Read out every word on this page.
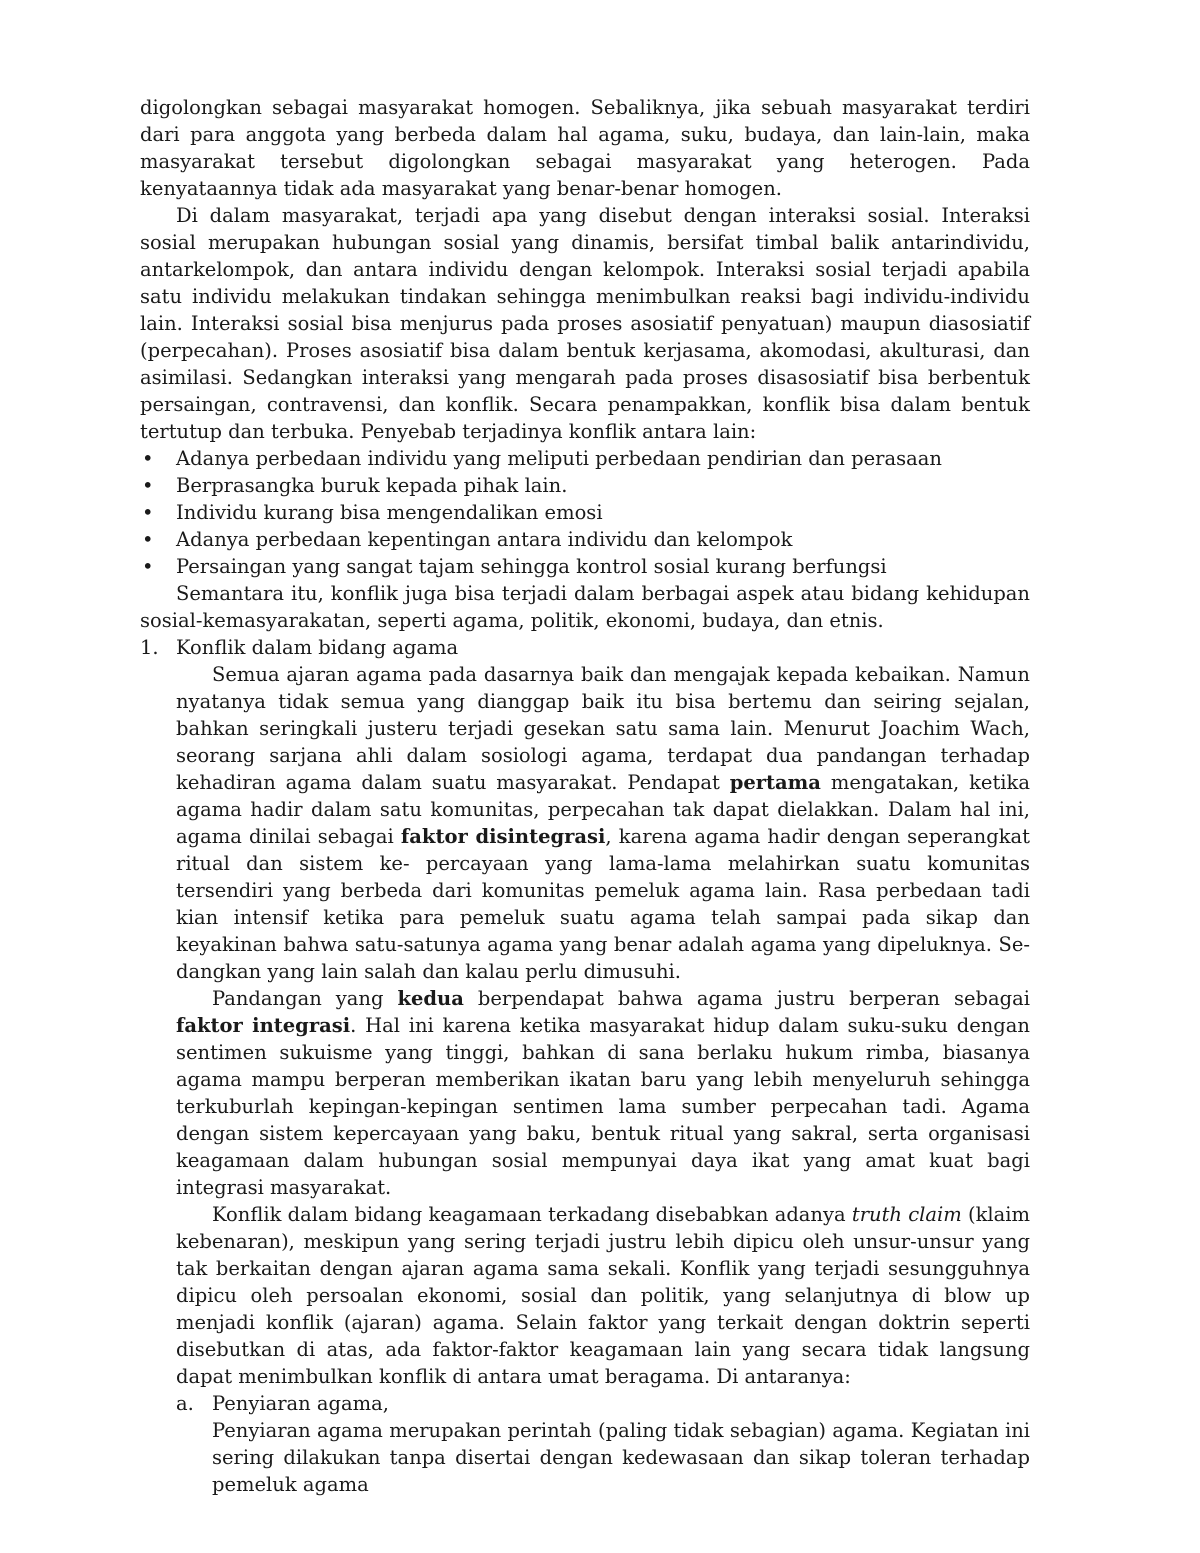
digolongkan sebagai masyarakat homogen. Sebaliknya, jika sebuah masyarakat terdiri dari para anggota yang berbeda dalam hal agama, suku, budaya, dan lain-lain, maka masyarakat tersebut digolongkan sebagai masyarakat yang heterogen. Pada kenyataannya tidak ada masyarakat yang benar-benar homogen.

Di dalam masyarakat, terjadi apa yang disebut dengan interaksi sosial. Interaksi sosial merupakan hubungan sosial yang dinamis, bersifat timbal balik antarindividu, antarkelompok, dan antara individu dengan kelompok. Interaksi sosial terjadi apabila satu individu melakukan tindakan sehingga menimbulkan reaksi bagi individu-individu lain. Interaksi sosial bisa menjurus pada proses asosiatif penyatuan) maupun diasosiatif (perpecahan). Proses asosiatif bisa dalam bentuk kerjasama, akomodasi, akulturasi, dan asimilasi. Sedangkan interaksi yang mengarah pada proses disasosiatif bisa berbentuk persaingan, contravensi, dan konflik. Secara penampakkan, konflik bisa dalam bentuk tertutup dan terbuka. Penyebab terjadinya konflik antara lain:

• Adanya perbedaan individu yang meliputi perbedaan pendirian dan perasaan
• Berprasangka buruk kepada pihak lain.
• Individu kurang bisa mengendalikan emosi
• Adanya perbedaan kepentingan antara individu dan kelompok
• Persaingan yang sangat tajam sehingga kontrol sosial kurang berfungsi

Semantara itu, konflik juga bisa terjadi dalam berbagai aspek atau bidang kehidupan sosial-kemasyarakatan, seperti agama, politik, ekonomi, budaya, dan etnis.

1. Konflik dalam bidang agama

Semua ajaran agama pada dasarnya baik dan mengajak kepada kebaikan. Namun nyatanya tidak semua yang dianggap baik itu bisa bertemu dan seiring sejalan, bahkan seringkali justeru terjadi gesekan satu sama lain. Menurut Joachim Wach, seorang sarjana ahli dalam sosiologi agama, terdapat dua pandangan terhadap kehadiran agama dalam suatu masyarakat. Pendapat pertama mengatakan, ketika agama hadir dalam satu komunitas, perpecahan tak dapat dielakkan. Dalam hal ini, agama dinilai sebagai faktor disintegrasi, karena agama hadir dengan seperangkat ritual dan sistem ke- percayaan yang lama-lama melahirkan suatu komunitas tersendiri yang berbeda dari komunitas pemeluk agama lain. Rasa perbedaan tadi kian intensif ketika para pemeluk suatu agama telah sampai pada sikap dan keyakinan bahwa satu-satunya agama yang benar adalah agama yang dipeluknya. Se-dangkan yang lain salah dan kalau perlu dimusuhi.

Pandangan yang kedua berpendapat bahwa agama justru berperan sebagai faktor integrasi. Hal ini karena ketika masyarakat hidup dalam suku-suku dengan sentimen sukuisme yang tinggi, bahkan di sana berlaku hukum rimba, biasanya agama mampu berperan memberikan ikatan baru yang lebih menyeluruh sehingga terkuburlah kepingan-kepingan sentimen lama sumber perpecahan tadi. Agama dengan sistem kepercayaan yang baku, bentuk ritual yang sakral, serta organisasi keagamaan dalam hubungan sosial mempunyai daya ikat yang amat kuat bagi integrasi masyarakat.

Konflik dalam bidang keagamaan terkadang disebabkan adanya truth claim (klaim kebenaran), meskipun yang sering terjadi justru lebih dipicu oleh unsur-unsur yang tak berkaitan dengan ajaran agama sama sekali. Konflik yang terjadi sesungguhnya dipicu oleh persoalan ekonomi, sosial dan politik, yang selanjutnya di blow up menjadi konflik (ajaran) agama. Selain faktor yang terkait dengan doktrin seperti disebutkan di atas, ada faktor-faktor keagamaan lain yang secara tidak langsung dapat menimbulkan konflik di antara umat beragama. Di antaranya:

a. Penyiaran agama,

Penyiaran agama merupakan perintah (paling tidak sebagian) agama. Kegiatan ini sering dilakukan tanpa disertai dengan kedewasaan dan sikap toleran terhadap pemeluk agama
